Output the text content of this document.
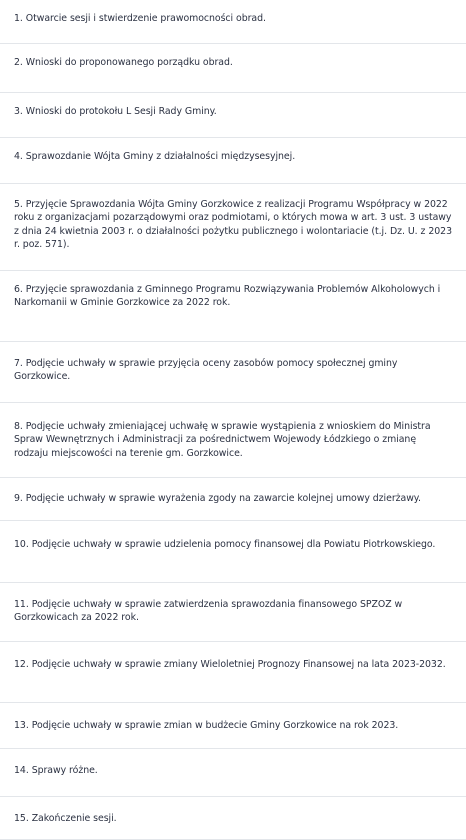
1. Otwarcie sesji i stwierdzenie prawomocności obrad.
2. Wnioski do proponowanego porządku obrad.
3. Wnioski do protokołu L Sesji Rady Gminy.
4. Sprawozdanie Wójta Gminy z działalności międzysesyjnej.
5. Przyjęcie Sprawozdania Wójta Gminy Gorzkowice z realizacji Programu Współpracy w 2022 roku z organizacjami pozarządowymi oraz podmiotami, o których mowa w art. 3 ust. 3 ustawy z dnia 24 kwietnia 2003 r. o działalności pożytku publicznego i wolontariacie (t.j. Dz. U. z 2023 r. poz. 571).
6. Przyjęcie sprawozdania z Gminnego Programu Rozwiązywania Problemów Alkoholowych i Narkomanii w Gminie Gorzkowice za 2022 rok.
7. Podjęcie uchwały w sprawie przyjęcia oceny zasobów pomocy społecznej gminy Gorzkowice.
8. Podjęcie uchwały zmieniającej uchwałę w sprawie wystąpienia z wnioskiem do Ministra Spraw Wewnętrznych i Administracji za pośrednictwem Wojewody Łódzkiego o zmianę rodzaju miejscowości na terenie gm. Gorzkowice.
9. Podjęcie uchwały w sprawie wyrażenia zgody na zawarcie kolejnej umowy dzierżawy.
10. Podjęcie uchwały w sprawie udzielenia pomocy finansowej dla Powiatu Piotrkowskiego.
11. Podjęcie uchwały w sprawie zatwierdzenia sprawozdania finansowego SPZOZ w Gorzkowicach za 2022 rok.
12. Podjęcie uchwały w sprawie zmiany Wieloletniej Prognozy Finansowej na lata 2023-2032.
13. Podjęcie uchwały w sprawie zmian w budżecie Gminy Gorzkowice na rok 2023.
14. Sprawy różne.
15. Zakończenie sesji.
